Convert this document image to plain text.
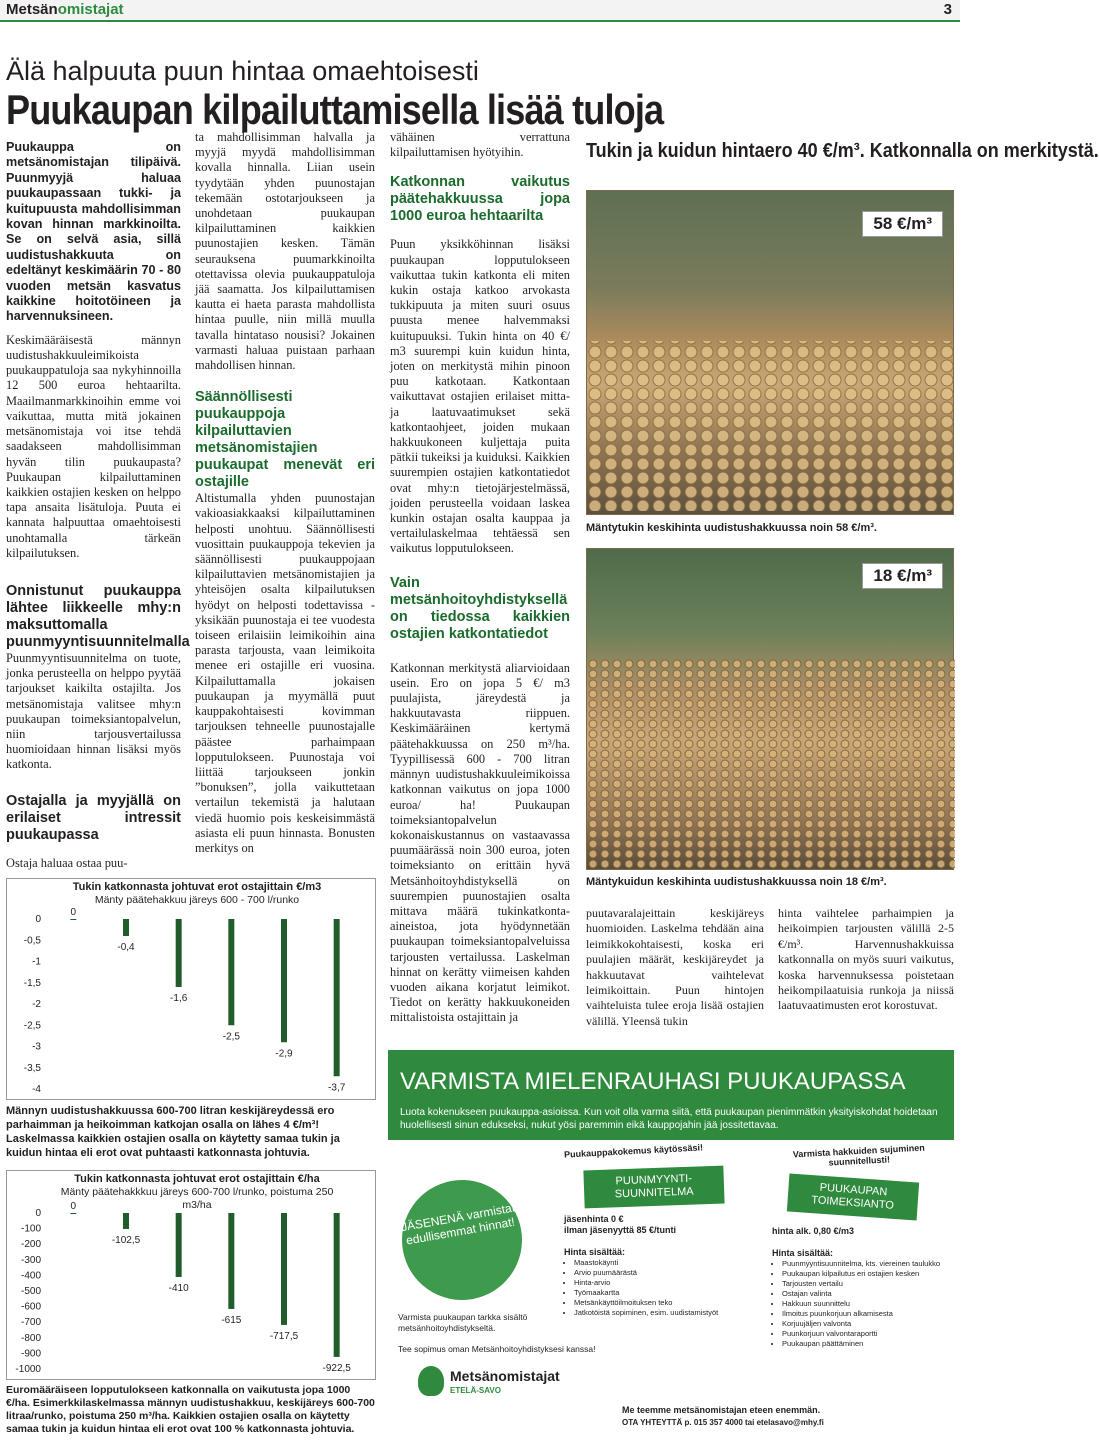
Metsänomistajat	3
Älä halpuuta puun hintaa omaehtoisesti
Puukaupan kilpailuttamisella lisää tuloja

Puukauppa on metsänomistajan tilipäivä. Puunmyyjä haluaa puukaupassaan tukki- ja kuitupuusta mahdollisimman kovan hinnan markkinoilta. Se on selvä asia, sillä uudistushakkuuta on edeltänyt keskimäärin 70 - 80 vuoden metsän kasvatus kaikkine hoitotöineen ja harvennuksineen.

Keskimääräisestä männyn uudistushakkuuleimikoista puukauppatuloja saa nykyhinnoilla 12 500 euroa hehtaarilta. Maailmanmarkkinoihin emme voi vaikuttaa, mutta mitä jokainen metsänomistaja voi itse tehdä saadakseen mahdollisimman hyvän tilin puukaupasta? Puukaupan kilpailuttaminen kaikkien ostajien kesken on helppo tapa ansaita lisätuloja. Puuta ei kannata halpuuttaa omaehtoisesti unohtamalla tärkeän kilpailutuksen.

Onnistunut puukauppa lähtee liikkeelle mhy:n maksuttomalla puunmyyntisuunnitelmalla

Puunmyyntisuunnitelma on tuote, jonka perusteella on helppo pyytää tarjoukset kaikilta ostajilta. Jos metsänomistaja valitsee mhy:n puukaupan toimeksiantopalvelun, niin tarjousvertailussa huomioidaan hinnan lisäksi myös katkonta.

Ostajalla ja myyjällä on erilaiset intressit puukaupassa

Ostaja haluaa ostaa puu-

ta mahdollisimman halvalla ja myyjä myydä mahdollisimman kovalla hinnalla. Liian usein tyydytään yhden puunostajan tekemään ostotarjoukseen ja unohdetaan puukaupan kilpailuttaminen kaikkien puunostajien kesken. Tämän seurauksena puumarkkinoilta otettavissa olevia puukauppatuloja jää saamatta. Jos kilpailuttamisen kautta ei haeta parasta mahdollista hintaa puulle, niin millä muulla tavalla hintataso nousisi? Jokainen varmasti haluaa puistaan parhaan mahdollisen hinnan.

Säännöllisesti puukauppoja kilpailuttavien metsänomistajien puukaupat menevät eri ostajille

Altistumalla yhden puunostajan vakioasiakkaaksi kilpailuttaminen helposti unohtuu. Säännöllisesti vuosittain puukauppoja tekevien ja säännöllisesti puukauppojaan kilpailuttavien metsänomistajien ja yhteisöjen osalta kilpailutuksen hyödyt on helposti todettavissa - yksikään puunostaja ei tee vuodesta toiseen erilaisiin leimikoihin aina parasta tarjousta, vaan leimikoita menee eri ostajille eri vuosina. Kilpailuttamalla jokaisen puukaupan ja myymällä puut kauppakohtaisesti kovimman tarjouksen tehneelle puunostajalle päästee parhaimpaan lopputulokseen. Puunostaja voi liittää tarjoukseen jonkin ”bonuksen”, jolla vaikuttetaan vertailun tekemistä ja halutaan viedä huomio pois keskeisimmästä asiasta eli puun hinnasta. Bonusten merkitys on

vähäinen verrattuna kilpailuttamisen hyötyihin.

Katkonnan vaikutus päätehakkuussa jopa 1000 euroa hehtaarilta

Puun yksikköhinnan lisäksi puukaupan lopputulokseen vaikuttaa tukin katkonta eli miten kukin ostaja katkoo arvokasta tukkipuuta ja miten suuri osuus puusta menee halvemmaksi kuitupuuksi. Tukin hinta on 40 €/ m3 suurempi kuin kuidun hinta, joten on merkitystä mihin pinoon puu katkotaan. Katkontaan vaikuttavat ostajien erilaiset mitta- ja laatuvaatimukset sekä katkontaohjeet, joiden mukaan hakkuukoneen kuljettaja puita pätkii tukeiksi ja kuiduksi. Kaikkien suurempien ostajien katkontatiedot ovat mhy:n tietojärjestelmässä, joiden perusteella voidaan laskea kunkin ostajan osalta kauppaa ja vertailulaskelmaa tehtäessä sen vaikutus lopputulokseen.

Vain metsänhoitoyhdistyksellä on tiedossa kaikkien ostajien katkontatiedot

Katkonnan merkitystä aliarvioidaan usein. Ero on jopa 5 €/ m3 puulajista, järeydestä ja hakkuutavasta riippuen. Keskimääräinen kertymä päätehakkuussa on 250 m³/ha. Tyypillisessä 600 - 700 litran männyn uudistushakkuuleimikoissa katkonnan vaikutus on jopa 1000 euroa/ ha! Puukaupan toimeksiantopalvelun kokonaiskustannus on vastaavassa puumäärässä noin 300 euroa, joten toimeksianto on erittäin hyvä Metsänhoitoyhdistyksellä on suurempien puunostajien osalta mittava määrä tukinkatkonta-aineistoa, jota hyödynnetään puukaupan toimeksiantopalveluissa tarjousten vertailussa. Laskelman hinnat on kerätty viimeisen kahden vuoden aikana korjatut leimikot. Tiedot on kerätty hakkuukoneiden mittalistoista ostajittain ja

Tukin ja kuidun hintaero 40 €/m³. Katkonnalla on merkitystä.
58 €/m³
Mäntytukin keskihinta uudistushakkuussa noin 58 €/m³.
18 €/m³
Mäntykuidun keskihinta uudistushakkuussa noin 18 €/m³.
puutavaralajeittain keskijäreys huomioiden. Laskelma tehdään aina leimikkokohtaisesti, koska eri puulajien määrät, keskijäreydet ja hakkuutavat vaihtelevat leimikoittain. Puun hintojen vaihteluista tulee eroja lisää ostajien välillä. Yleensä tukin
hinta vaihtelee parhaimpien ja heikoimpien tarjousten välillä 2-5 €/m³. Harvennushakkuissa katkonnalla on myös suuri vaikutus, koska harvennuksessa poistetaan heikompilaatuisia runkoja ja niissä laatuvaatimusten erot korostuvat.
Tukin katkonnasta johtuvat erot ostajittain €/m3
Mänty päätehakkuu järeys 600 - 700 l/runko
0
-0,5
-1
-1,5
-2
-2,5
-3
-3,5
-4
0
-0,4
-1,6
-2,5
-2,9
-3,7
Männyn uudistushakkuussa 600-700 litran keskijäreydessä ero parhaimman ja heikoimman katkojan osalla on lähes 4 €/m³! Laskelmassa kaikkien ostajien osalla on käytetty samaa tukin ja kuidun hintaa eli erot ovat puhtaasti katkonnasta johtuvia.
Tukin katkonnasta johtuvat erot ostajittain €/ha
Mänty päätehakkkuu järeys 600-700 l/runko, poistuma 250 m3/ha
0
-100
-200
-300
-400
-500
-600
-700
-800
-900
-1000
0
-102,5
-410
-615
-717,5
-922,5
Euromääräiseen lopputulokseen katkonnalla on vaikutusta jopa 1000 €/ha. Esimerkkilaskelmassa männyn uudistushakkuu, keskijäreys 600-700 litraa/runko, poistuma 250 m³/ha. Kaikkien ostajien osalla on käytetty samaa tukin ja kuidun hintaa eli erot ovat 100 % katkonnasta johtuvia.
VARMISTA MIELENRAUHASI PUUKAUPASSA
Luota kokenukseen puukauppa-asioissa. Kun voit olla varma siitä, että puukaupan pienimmätkin yksityiskohdat hoidetaan huolellisesti sinun edukseksi, nukut yösi paremmin eikä kauppojahin jää jossitettavaa.
Puukauppakokemus käytössäsi!	Varmista hakkuiden sujuminen suunnitellusti!
PUUNMYYNTI-SUUNNITELMA	PUUKAUPAN TOIMEKSIANTO
JÄSENENÄ varmistat edullisemmat hinnat!	jäsenhinta 0 €
ilman jäsenyyttä 85 €/tunti

Hinta sisältää:
• Maastokäynti
• Arvio puumäärästä
• Hinta-arvio
• Työmaakartta
• Metsänkäyttöilmoituksen teko
• Jatkotöistä sopiminen, esim. uudistamistyöt
hinta alk. 0,80 €/m3

Hinta sisältää:
• Puunmyyntisuunnitelma, kts. viereinen taulukko
• Puukaupan kilpailutus eri ostajien kesken
• Tarjousten vertailu
• Ostajan valinta
• Hakkuun suunnittelu
• Ilmoitus puunkorjuun alkamisesta
• Korjuujäljen valvonta
• Puunkorjuun valvontaraportti
• Puukaupan päättäminen
Varmista puukaupan tarkka sisältö metsänhoitoyhdistykseltä.
Tee sopimus oman Metsänhoitoyhdistyksesi kanssa!
Metsänomistajat
ETELÄ-SAVO
Me teemme metsänomistajan eteen enemmän.
OTA YHTEYTTÄ p. 015 357 4000 tai etelasavo@mhy.fi
